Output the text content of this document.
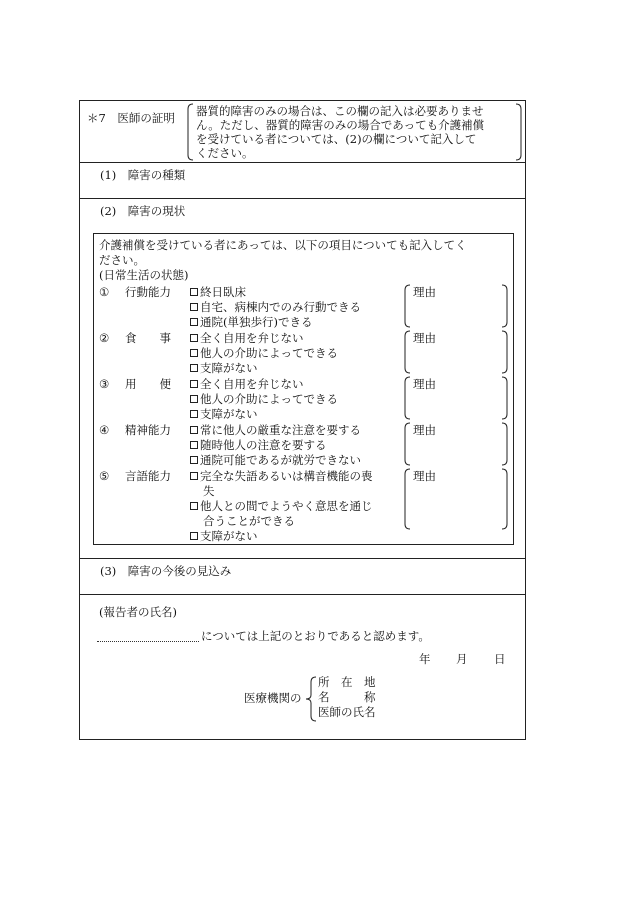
＊7　医師の証明 器質的障害のみの場合は、この欄の記入は必要ありませ
ん。ただし、器質的障害のみの場合であっても介護補償
を受けている者については、(2)の欄について記入して
ください。
(1)　障害の種類
(2)　障害の現状
介護補償を受けている者にあっては、以下の項目についても記入してく
ださい。
(日常生活の状態)
① 行動能力	終日臥床
自宅、病棟内でのみ行動できる
通院(単独歩行)できる
理由
② 食　　事	全く自用を弁じない
他人の介助によってできる
支障がない
理由
③ 用　　便	全く自用を弁じない
他人の介助によってできる
支障がない
理由
④ 精神能力	常に他人の厳重な注意を要する
随時他人の注意を要する
通院可能であるが就労できない
理由
⑤ 言語能力	完全な失語あるいは構音機能の喪
失
他人との間でようやく意思を通じ
合うことができる
支障がない
理由
(3)　障害の今後の見込み
(報告者の氏名)
については上記のとおりであると認めます。
年 月 日
医療機関の
所　在　地
名　　　称
医師の氏名
